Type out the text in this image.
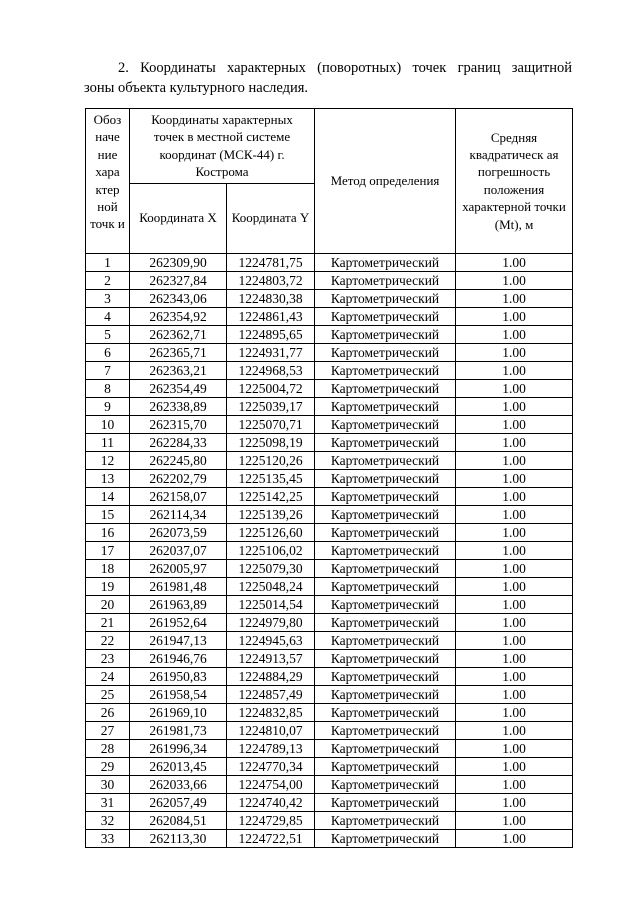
2. Координаты характерных (поворотных) точек границ защитной
зоны объекта культурного наследия.
Обоз наче ние хара ктер ной точк и	Координаты характерных точек в местной системе координат (МСК-44) г. Кострома		Метод определения	Средняя квадратическ ая погрешность положения характерной точки (Mt), м
	Координата X	Координата Y		
1	262309,90	1224781,75	Картометрический	1.00
2	262327,84	1224803,72	Картометрический	1.00
3	262343,06	1224830,38	Картометрический	1.00
4	262354,92	1224861,43	Картометрический	1.00
5	262362,71	1224895,65	Картометрический	1.00
6	262365,71	1224931,77	Картометрический	1.00
7	262363,21	1224968,53	Картометрический	1.00
8	262354,49	1225004,72	Картометрический	1.00
9	262338,89	1225039,17	Картометрический	1.00
10	262315,70	1225070,71	Картометрический	1.00
11	262284,33	1225098,19	Картометрический	1.00
12	262245,80	1225120,26	Картометрический	1.00
13	262202,79	1225135,45	Картометрический	1.00
14	262158,07	1225142,25	Картометрический	1.00
15	262114,34	1225139,26	Картометрический	1.00
16	262073,59	1225126,60	Картометрический	1.00
17	262037,07	1225106,02	Картометрический	1.00
18	262005,97	1225079,30	Картометрический	1.00
19	261981,48	1225048,24	Картометрический	1.00
20	261963,89	1225014,54	Картометрический	1.00
21	261952,64	1224979,80	Картометрический	1.00
22	261947,13	1224945,63	Картометрический	1.00
23	261946,76	1224913,57	Картометрический	1.00
24	261950,83	1224884,29	Картометрический	1.00
25	261958,54	1224857,49	Картометрический	1.00
26	261969,10	1224832,85	Картометрический	1.00
27	261981,73	1224810,07	Картометрический	1.00
28	261996,34	1224789,13	Картометрический	1.00
29	262013,45	1224770,34	Картометрический	1.00
30	262033,66	1224754,00	Картометрический	1.00
31	262057,49	1224740,42	Картометрический	1.00
32	262084,51	1224729,85	Картометрический	1.00
33	262113,30	1224722,51	Картометрический	1.00
